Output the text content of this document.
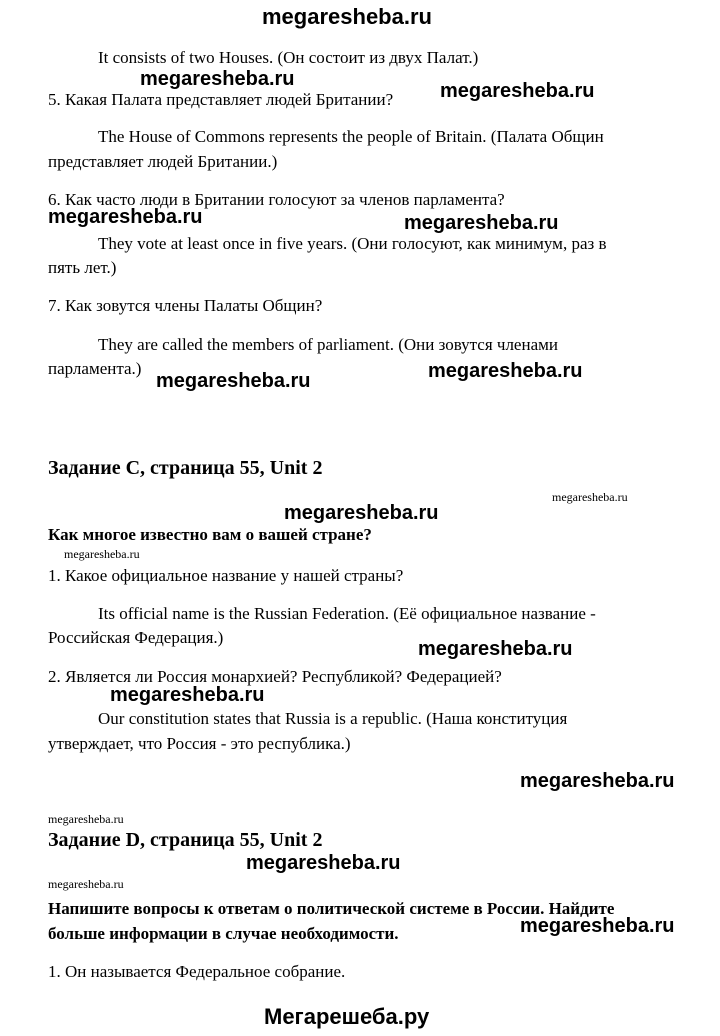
megaresheba.ru
It consists of two Houses. (Он состоит из двух Палат.)
megaresheba.ru
5. Какая Палата представляет людей Британии? megaresheba.ru
The House of Commons represents the people of Britain. (Палата Общин
представляет людей Британии.)
6. Как часто люди в Британии голосуют за членов парламента?
megaresheba.ru	megaresheba.ru
They vote at least once in five years. (Они голосуют, как минимум, раз в
пять лет.)
7. Как зовутся члены Палаты Общин?
They are called the members of parliament. (Они зовутся членами
парламента.)
megaresheba.ru	megaresheba.ru
Задание C, страница 55, Unit 2
megaresheba.ru
megaresheba.ru
Как многое известно вам о вашей стране?
megaresheba.ru
1. Какое официальное название у нашей страны?
Its official name is the Russian Federation. (Её официальное название -
Российская Федерация.)
megaresheba.ru
2. Является ли Россия монархией? Республикой? Федерацией?
megaresheba.ru
Our constitution states that Russia is a republic. (Наша конституция
утверждает, что Россия - это республика.)
megaresheba.ru
megaresheba.ru
Задание D, страница 55, Unit 2
megaresheba.ru
megaresheba.ru
Напишите вопросы к ответам о политической системе в России. Найдите
больше информации в случае необходимости.	megaresheba.ru
1. Он называется Федеральное собрание.
Мегарешеба.ру
